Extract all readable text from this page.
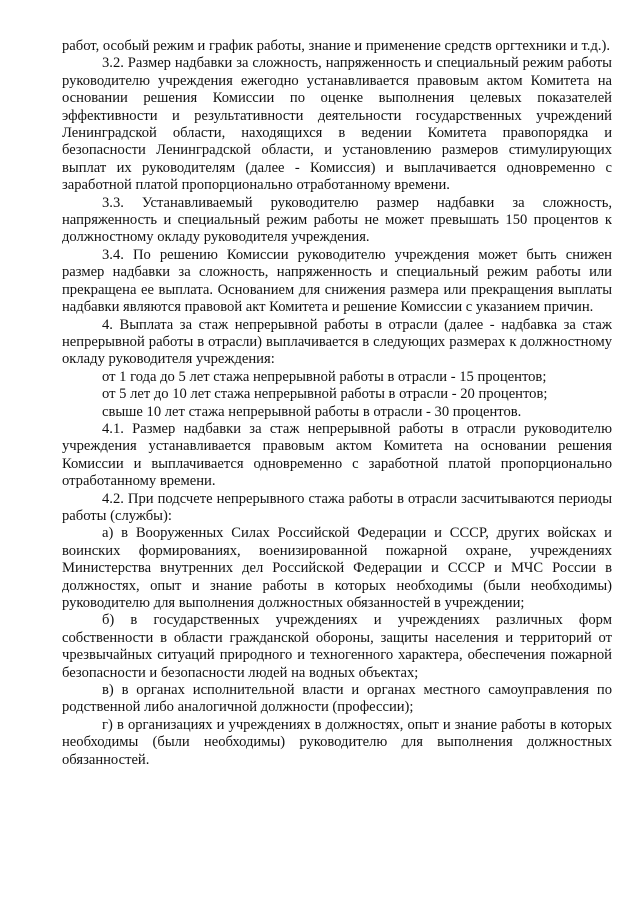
работ, особый режим и график работы, знание и применение средств оргтехники и т.д.).

3.2. Размер надбавки за сложность, напряженность и специальный режим работы руководителю учреждения ежегодно устанавливается правовым актом Комитета на основании решения Комиссии по оценке выполнения целевых показателей эффективности и результативности деятельности государственных учреждений Ленинградской области, находящихся в ведении Комитета правопорядка и безопасности Ленинградской области, и установлению размеров стимулирующих выплат их руководителям (далее - Комиссия) и выплачивается одновременно с заработной платой пропорционально отработанному времени.

3.3. Устанавливаемый руководителю размер надбавки за сложность, напряженность и специальный режим работы не может превышать 150 процентов к должностному окладу руководителя учреждения.

3.4. По решению Комиссии руководителю учреждения может быть снижен размер надбавки за сложность, напряженность и специальный режим работы или прекращена ее выплата. Основанием для снижения размера или прекращения выплаты надбавки являются правовой акт Комитета и решение Комиссии с указанием причин.

4. Выплата за стаж непрерывной работы в отрасли (далее - надбавка за стаж непрерывной работы в отрасли) выплачивается в следующих размерах к должностному окладу руководителя учреждения:

от 1 года до 5 лет стажа непрерывной работы в отрасли - 15 процентов;

от 5 лет до 10 лет стажа непрерывной работы в отрасли - 20 процентов;

свыше 10 лет стажа непрерывной работы в отрасли - 30 процентов.

4.1. Размер надбавки за стаж непрерывной работы в отрасли руководителю учреждения устанавливается правовым актом Комитета на основании решения Комиссии и выплачивается одновременно с заработной платой пропорционально отработанному времени.

4.2. При подсчете непрерывного стажа работы в отрасли засчитываются периоды работы (службы):

а) в Вооруженных Силах Российской Федерации и СССР, других войсках и воинских формированиях, военизированной пожарной охране, учреждениях Министерства внутренних дел Российской Федерации и СССР и МЧС России в должностях, опыт и знание работы в которых необходимы (были необходимы) руководителю для выполнения должностных обязанностей в учреждении;

б) в государственных учреждениях и учреждениях различных форм собственности в области гражданской обороны, защиты населения и территорий от чрезвычайных ситуаций природного и техногенного характера, обеспечения пожарной безопасности и безопасности людей на водных объектах;

в) в органах исполнительной власти и органах местного самоуправления по родственной либо аналогичной должности (профессии);

г) в организациях и учреждениях в должностях, опыт и знание работы в которых необходимы (были необходимы) руководителю для выполнения должностных обязанностей.
